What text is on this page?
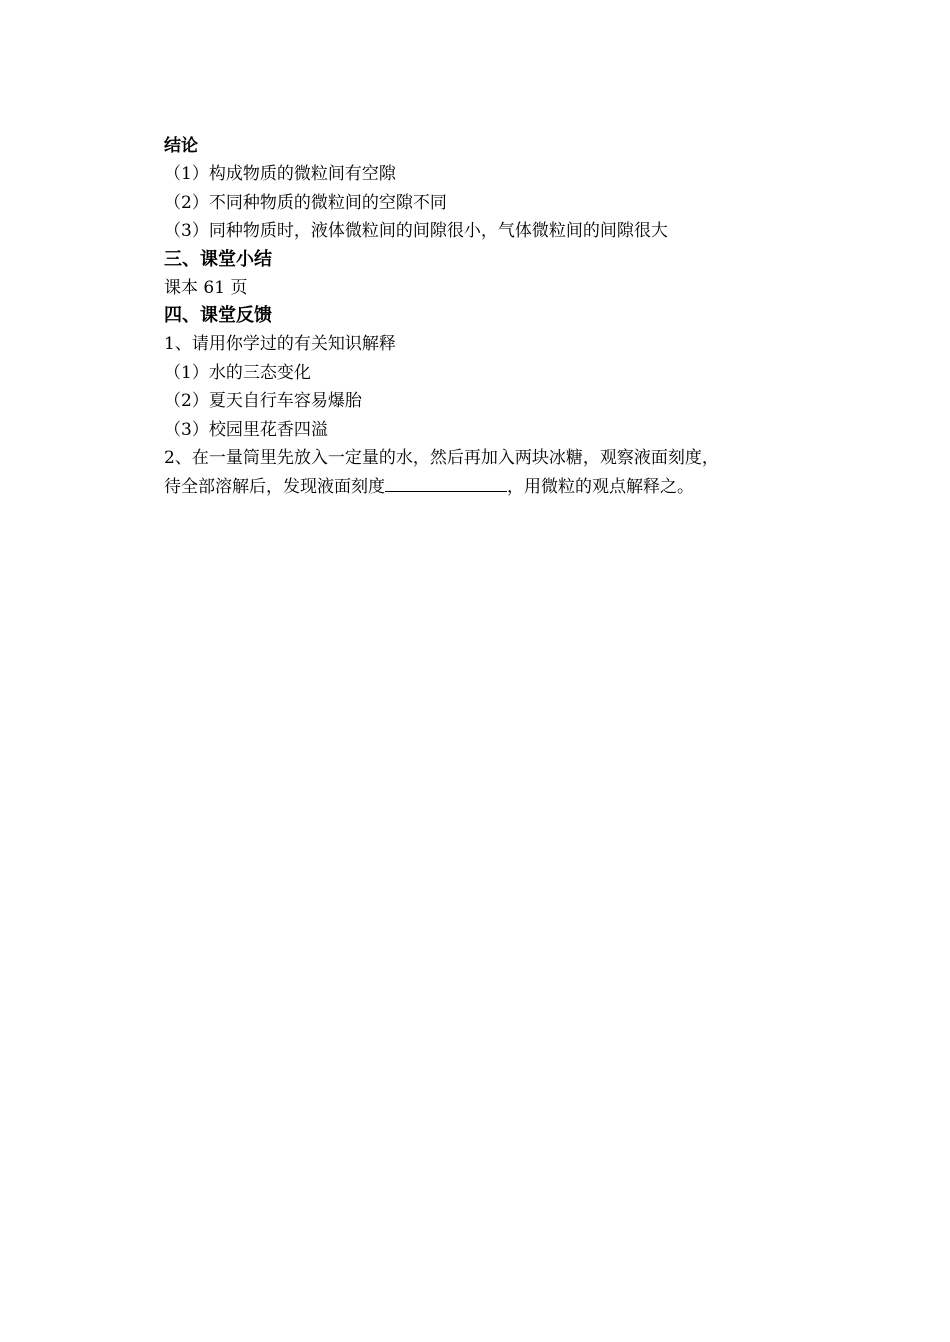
结论

（1）构成物质的微粒间有空隙

（2）不同种物质的微粒间的空隙不同

（3）同种物质时，液体微粒间的间隙很小，气体微粒间的间隙很大

三、课堂小结

课本 61 页

四、课堂反馈

1、请用你学过的有关知识解释

（1）水的三态变化

（2）夏天自行车容易爆胎

（3）校园里花香四溢

2、在一量筒里先放入一定量的水，然后再加入两块冰糖，观察液面刻度，

待全部溶解后，发现液面刻度	，用微粒的观点解释之。
